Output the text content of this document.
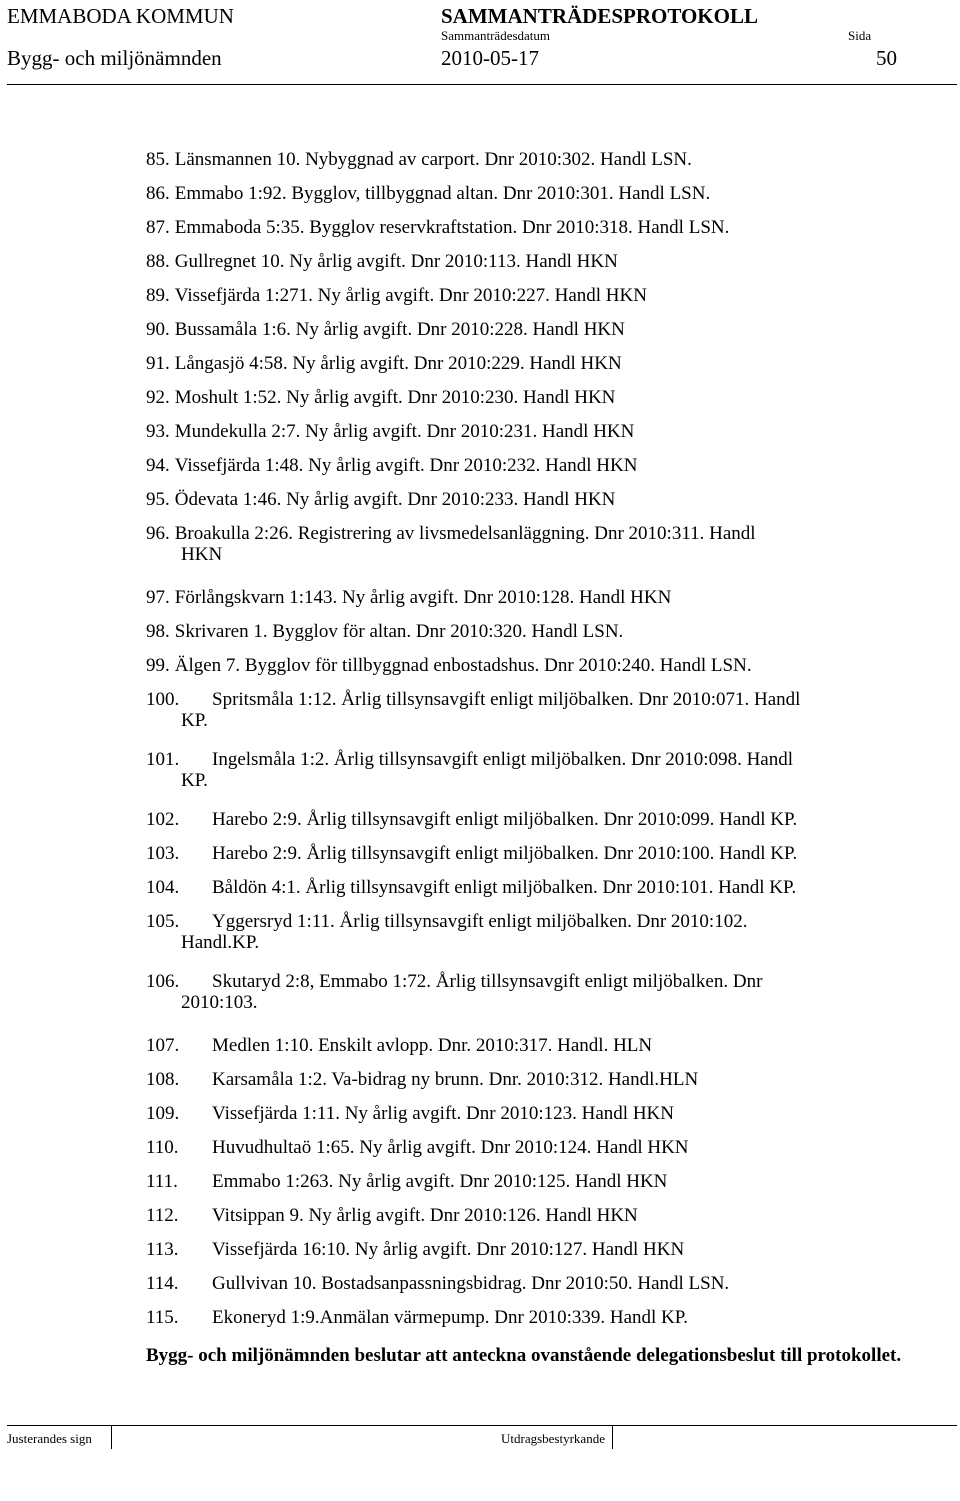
EMMABODA KOMMUN	SAMMANTRÄDESPROTOKOLL
Sammanträdesdatum	Sida
Bygg- och miljönämnden	2010-05-17	50
85. Länsmannen 10. Nybyggnad av carport. Dnr 2010:302. Handl LSN.
86. Emmabo 1:92. Bygglov, tillbyggnad altan. Dnr 2010:301. Handl LSN.
87. Emmaboda 5:35. Bygglov reservkraftstation. Dnr 2010:318. Handl LSN.
88. Gullregnet 10. Ny årlig avgift. Dnr 2010:113. Handl HKN
89. Vissefjärda 1:271. Ny årlig avgift. Dnr 2010:227. Handl HKN
90. Bussamåla 1:6. Ny årlig avgift. Dnr 2010:228. Handl HKN
91. Långasjö 4:58. Ny årlig avgift. Dnr 2010:229. Handl HKN
92. Moshult 1:52. Ny årlig avgift. Dnr 2010:230. Handl HKN
93. Mundekulla 2:7. Ny årlig avgift. Dnr 2010:231. Handl HKN
94. Vissefjärda 1:48. Ny årlig avgift. Dnr 2010:232. Handl HKN
95. Ödevata 1:46. Ny årlig avgift. Dnr 2010:233. Handl HKN
96. Broakulla 2:26. Registrering av livsmedelsanläggning. Dnr 2010:311. Handl
HKN
97. Förlångskvarn 1:143. Ny årlig avgift. Dnr 2010:128. Handl HKN
98. Skrivaren 1. Bygglov för altan. Dnr 2010:320. Handl LSN.
99. Älgen 7. Bygglov för tillbyggnad enbostadshus. Dnr 2010:240. Handl LSN.
100. Spritsmåla 1:12. Årlig tillsynsavgift enligt miljöbalken. Dnr 2010:071. Handl
KP.
101. Ingelsmåla 1:2. Årlig tillsynsavgift enligt miljöbalken. Dnr 2010:098. Handl
KP.
102. Harebo 2:9. Årlig tillsynsavgift enligt miljöbalken. Dnr 2010:099. Handl KP.
103. Harebo 2:9. Årlig tillsynsavgift enligt miljöbalken. Dnr 2010:100. Handl KP.
104. Båldön 4:1. Årlig tillsynsavgift enligt miljöbalken. Dnr 2010:101. Handl KP.
105. Yggersryd 1:11. Årlig tillsynsavgift enligt miljöbalken. Dnr 2010:102.
Handl.KP.
106. Skutaryd 2:8, Emmabo 1:72. Årlig tillsynsavgift enligt miljöbalken. Dnr
2010:103.
107. Medlen 1:10. Enskilt avlopp. Dnr. 2010:317. Handl. HLN
108. Karsamåla 1:2. Va-bidrag ny brunn. Dnr. 2010:312. Handl.HLN
109. Vissefjärda 1:11. Ny årlig avgift. Dnr 2010:123. Handl HKN
110. Huvudhultaö 1:65. Ny årlig avgift. Dnr 2010:124. Handl HKN
111. Emmabo 1:263. Ny årlig avgift. Dnr 2010:125. Handl HKN
112. Vitsippan 9. Ny årlig avgift. Dnr 2010:126. Handl HKN
113. Vissefjärda 16:10. Ny årlig avgift. Dnr 2010:127. Handl HKN
114. Gullvivan 10. Bostadsanpassningsbidrag. Dnr 2010:50. Handl LSN.
115. Ekoneryd 1:9.Anmälan värmepump. Dnr 2010:339. Handl KP.
Bygg- och miljönämnden beslutar att anteckna ovanstående delegationsbeslut till protokollet.
Justerandes sign	Utdragsbestyrkande
